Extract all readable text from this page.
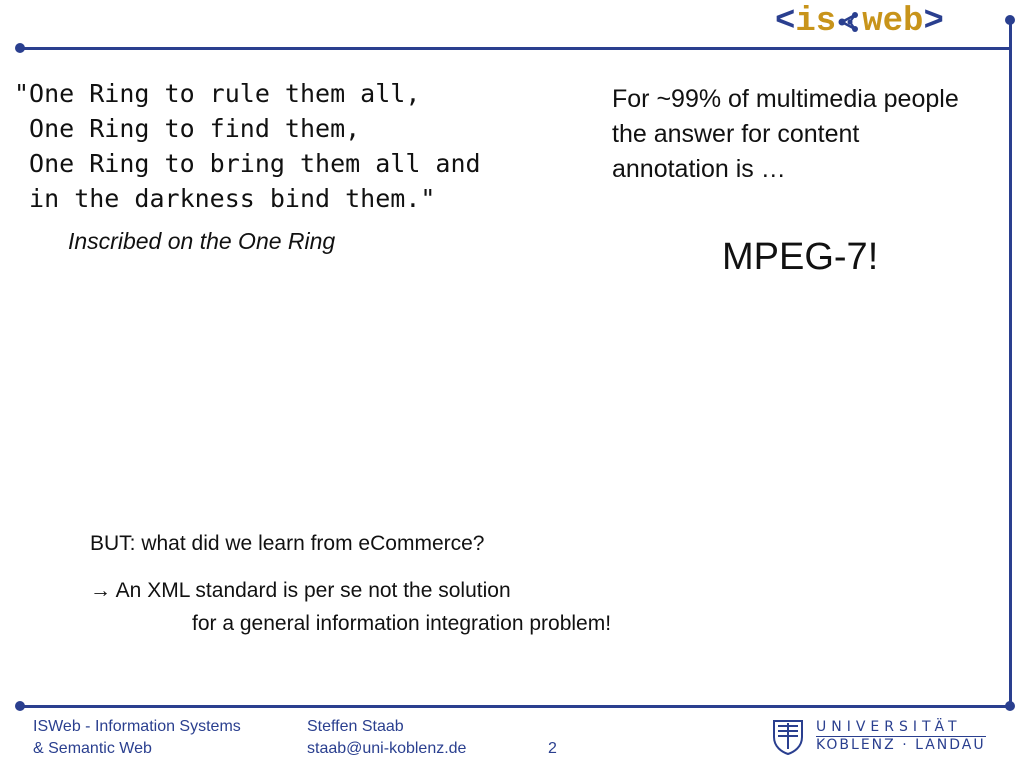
< is web >
"One Ring to rule them all,
One Ring to find them,
One Ring to bring them all and
in the darkness bind them."
Inscribed on the One Ring
For ~99% of multimedia people the answer for content annotation is …
MPEG-7!
BUT: what did we learn from eCommerce?
→ An XML standard is per se not the solution
for a general information integration problem!
ISWeb - Information Systems
& Semantic Web
Steffen Staab
staab@uni-koblenz.de	2
UNIVERSITÄT
KOBLENZ · LANDAU
